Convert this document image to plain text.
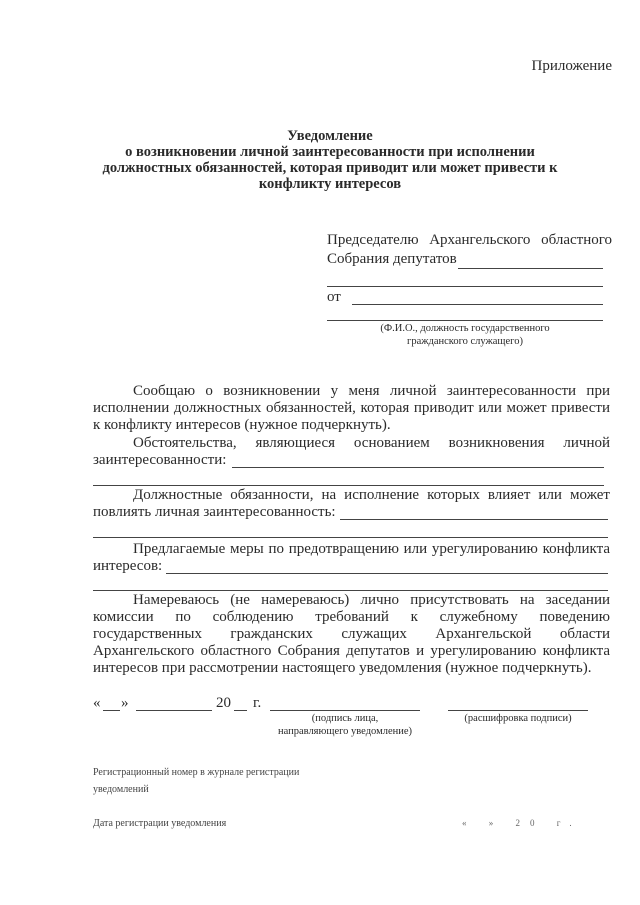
Приложение
Уведомление
о возникновении личной заинтересованности при исполнении
должностных обязанностей, которая приводит или может привести к
конфликту интересов
Председателю Архангельского областного
Собрания депутатов
от
(Ф.И.О., должность государственного
гражданского служащего)
Сообщаю о возникновении у меня личной заинтересованности при исполнении должностных обязанностей, которая приводит или может привести к конфликту интересов (нужное подчеркнуть).
Обстоятельства, являющиеся основанием возникновения личной
заинтересованности:
Должностные обязанности, на исполнение которых влияет или может
повлиять личная заинтересованность:
Предлагаемые меры по предотвращению или урегулированию конфликта
интересов:
Намереваюсь (не намереваюсь) лично присутствовать на заседании комиссии по соблюдению требований к служебному поведению государственных гражданских служащих Архангельской области Архангельского областного Собрания депутатов и урегулированию конфликта интересов при рассмотрении настоящего уведомления (нужное подчеркнуть).
« »	20 г.
(подпись лица,
направляющего уведомление)
(расшифровка подписи)
Регистрационный номер в журнале регистрации
уведомлений
Дата регистрации уведомления	« » 20 г.
